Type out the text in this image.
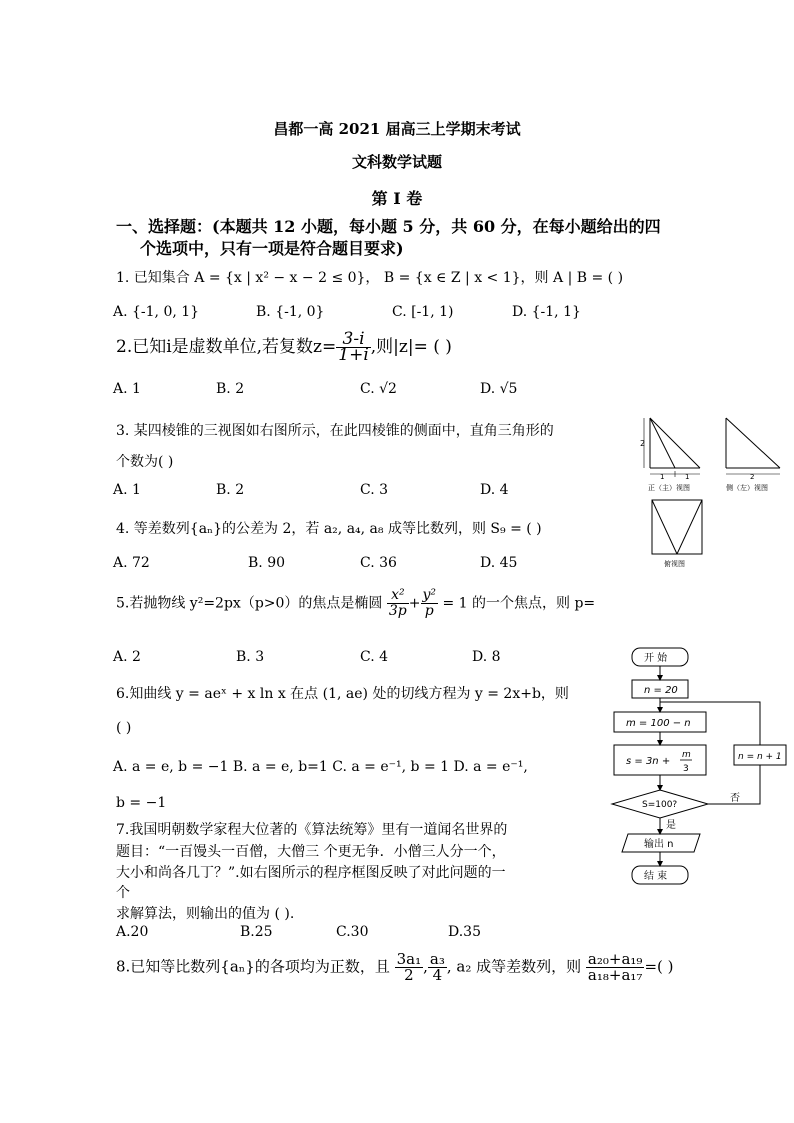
昌都一高 2021 届高三上学期末考试
文科数学试题
第 I 卷
一、选择题：(本题共 12 小题，每小题 5 分，共 60 分，在每小题给出的四
个选项中，只有一项是符合题目要求)
1. 已知集合 A = {x | x² − x − 2 ≤ 0}， B = {x ∈ Z | x < 1}，则 A | B = ( )
A. {-1, 0, 1}	B. {-1, 0}	C. [-1, 1)	D. {-1, 1}
2.已知i是虚数单位,若复数$z= \frac{3-i}{1+i}$ ,则|z|= ( )
A. 1	B. 2	C. √2	D. √5
3. 某四棱锥的三视图如右图所示，在此四棱锥的侧面中，直角三角形的
个数为( )
A. 1	B. 2	C. 3	D. 4
2
1	1
正（主）视图
2
侧（左）视图
俯视图
4. 等差数列{aₙ}的公差为 2，若 a₂, a₄, a₈ 成等比数列，则 S₉ = ( )
A. 72	B. 90	C. 36	D. 45
5.若抛物线 y²=2px（p>0）的焦点是椭圆 $\frac{\text{x²}}{3p} + \frac{\text{y²}}{p} = 1$ 的一个焦点，则 p=
A. 2	B. 3	C. 4	D. 8
6.知曲线 y = aeˣ + x ln x 在点 (1, ae) 处的切线方程为 y = 2x+b，则
( )
A. a = e, b = −1 B. a = e, b=1 C. a = e⁻¹, b = 1 D. a = e⁻¹,
b = −1
7.我国明朝数学家程大位著的《算法统筹》里有一道闻名世界的
题目：“一百馒头一百僧，大僧三 个更无争．小僧三人分一个，
大小和尚各几丁？”.如右图所示的程序框图反映了对此问题的一
个
求解算法，则输出的值为 ( ).
A.20	B.25	C.30	D.35
开 始
n = 20
m = 100 − n
s = 3n +
m
3
n = n + 1
S=100?
否
是
输出 n
结 束
8.已知等比数列{aₙ}的各项均为正数，且 $\frac{\text{3a₁}}{2}$ , $\frac{\text{a₃}}{4}$ , a₂ 成等差数列，则 $\frac{\text{a₂₀+a₁₉}}{\text{a₁₈+a₁₇}}$ =( )
